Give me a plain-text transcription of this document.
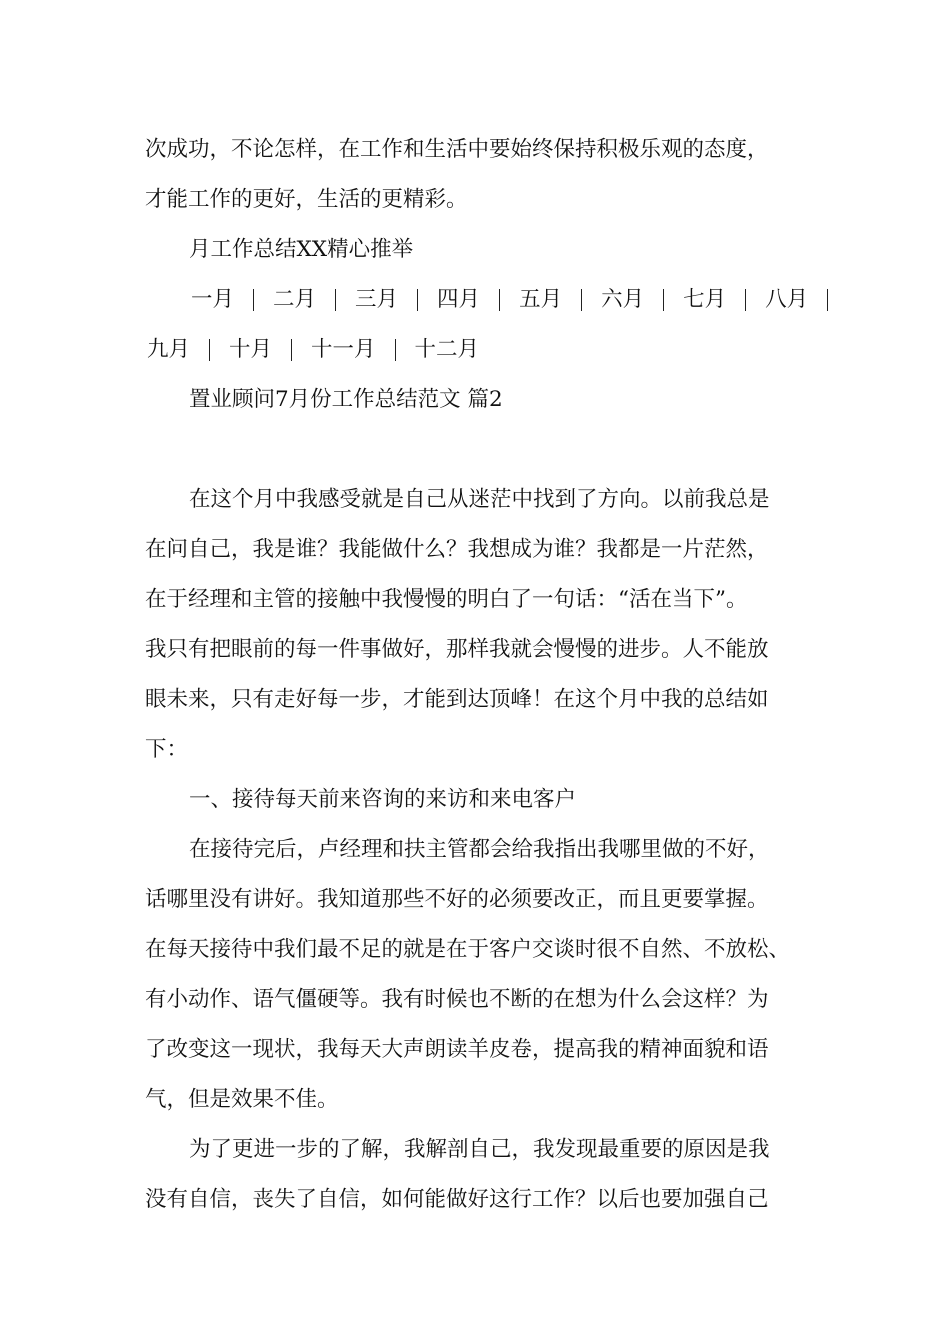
次成功，不论怎样，在工作和生活中要始终保持积极乐观的态度，
才能工作的更好，生活的更精彩。
月工作总结XX精心推举
一月 二月 三月 四月 五月 六月 七月 八月
九月 十月 十一月 十二月
置业顾问7月份工作总结范文 篇2
在这个月中我感受就是自己从迷茫中找到了方向。以前我总是
在问自己，我是谁？我能做什么？我想成为谁？我都是一片茫然，
在于经理和主管的接触中我慢慢的明白了一句话：“活在当下”。
我只有把眼前的每一件事做好，那样我就会慢慢的进步。人不能放
眼未来，只有走好每一步，才能到达顶峰！在这个月中我的总结如
下：
一、接待每天前来咨询的来访和来电客户
在接待完后，卢经理和扶主管都会给我指出我哪里做的不好，
话哪里没有讲好。我知道那些不好的必须要改正，而且更要掌握。
在每天接待中我们最不足的就是在于客户交谈时很不自然、不放松、
有小动作、语气僵硬等。我有时候也不断的在想为什么会这样？为
了改变这一现状，我每天大声朗读羊皮卷，提高我的精神面貌和语
气，但是效果不佳。
为了更进一步的了解，我解剖自己，我发现最重要的原因是我
没有自信，丧失了自信，如何能做好这行工作？以后也要加强自己
